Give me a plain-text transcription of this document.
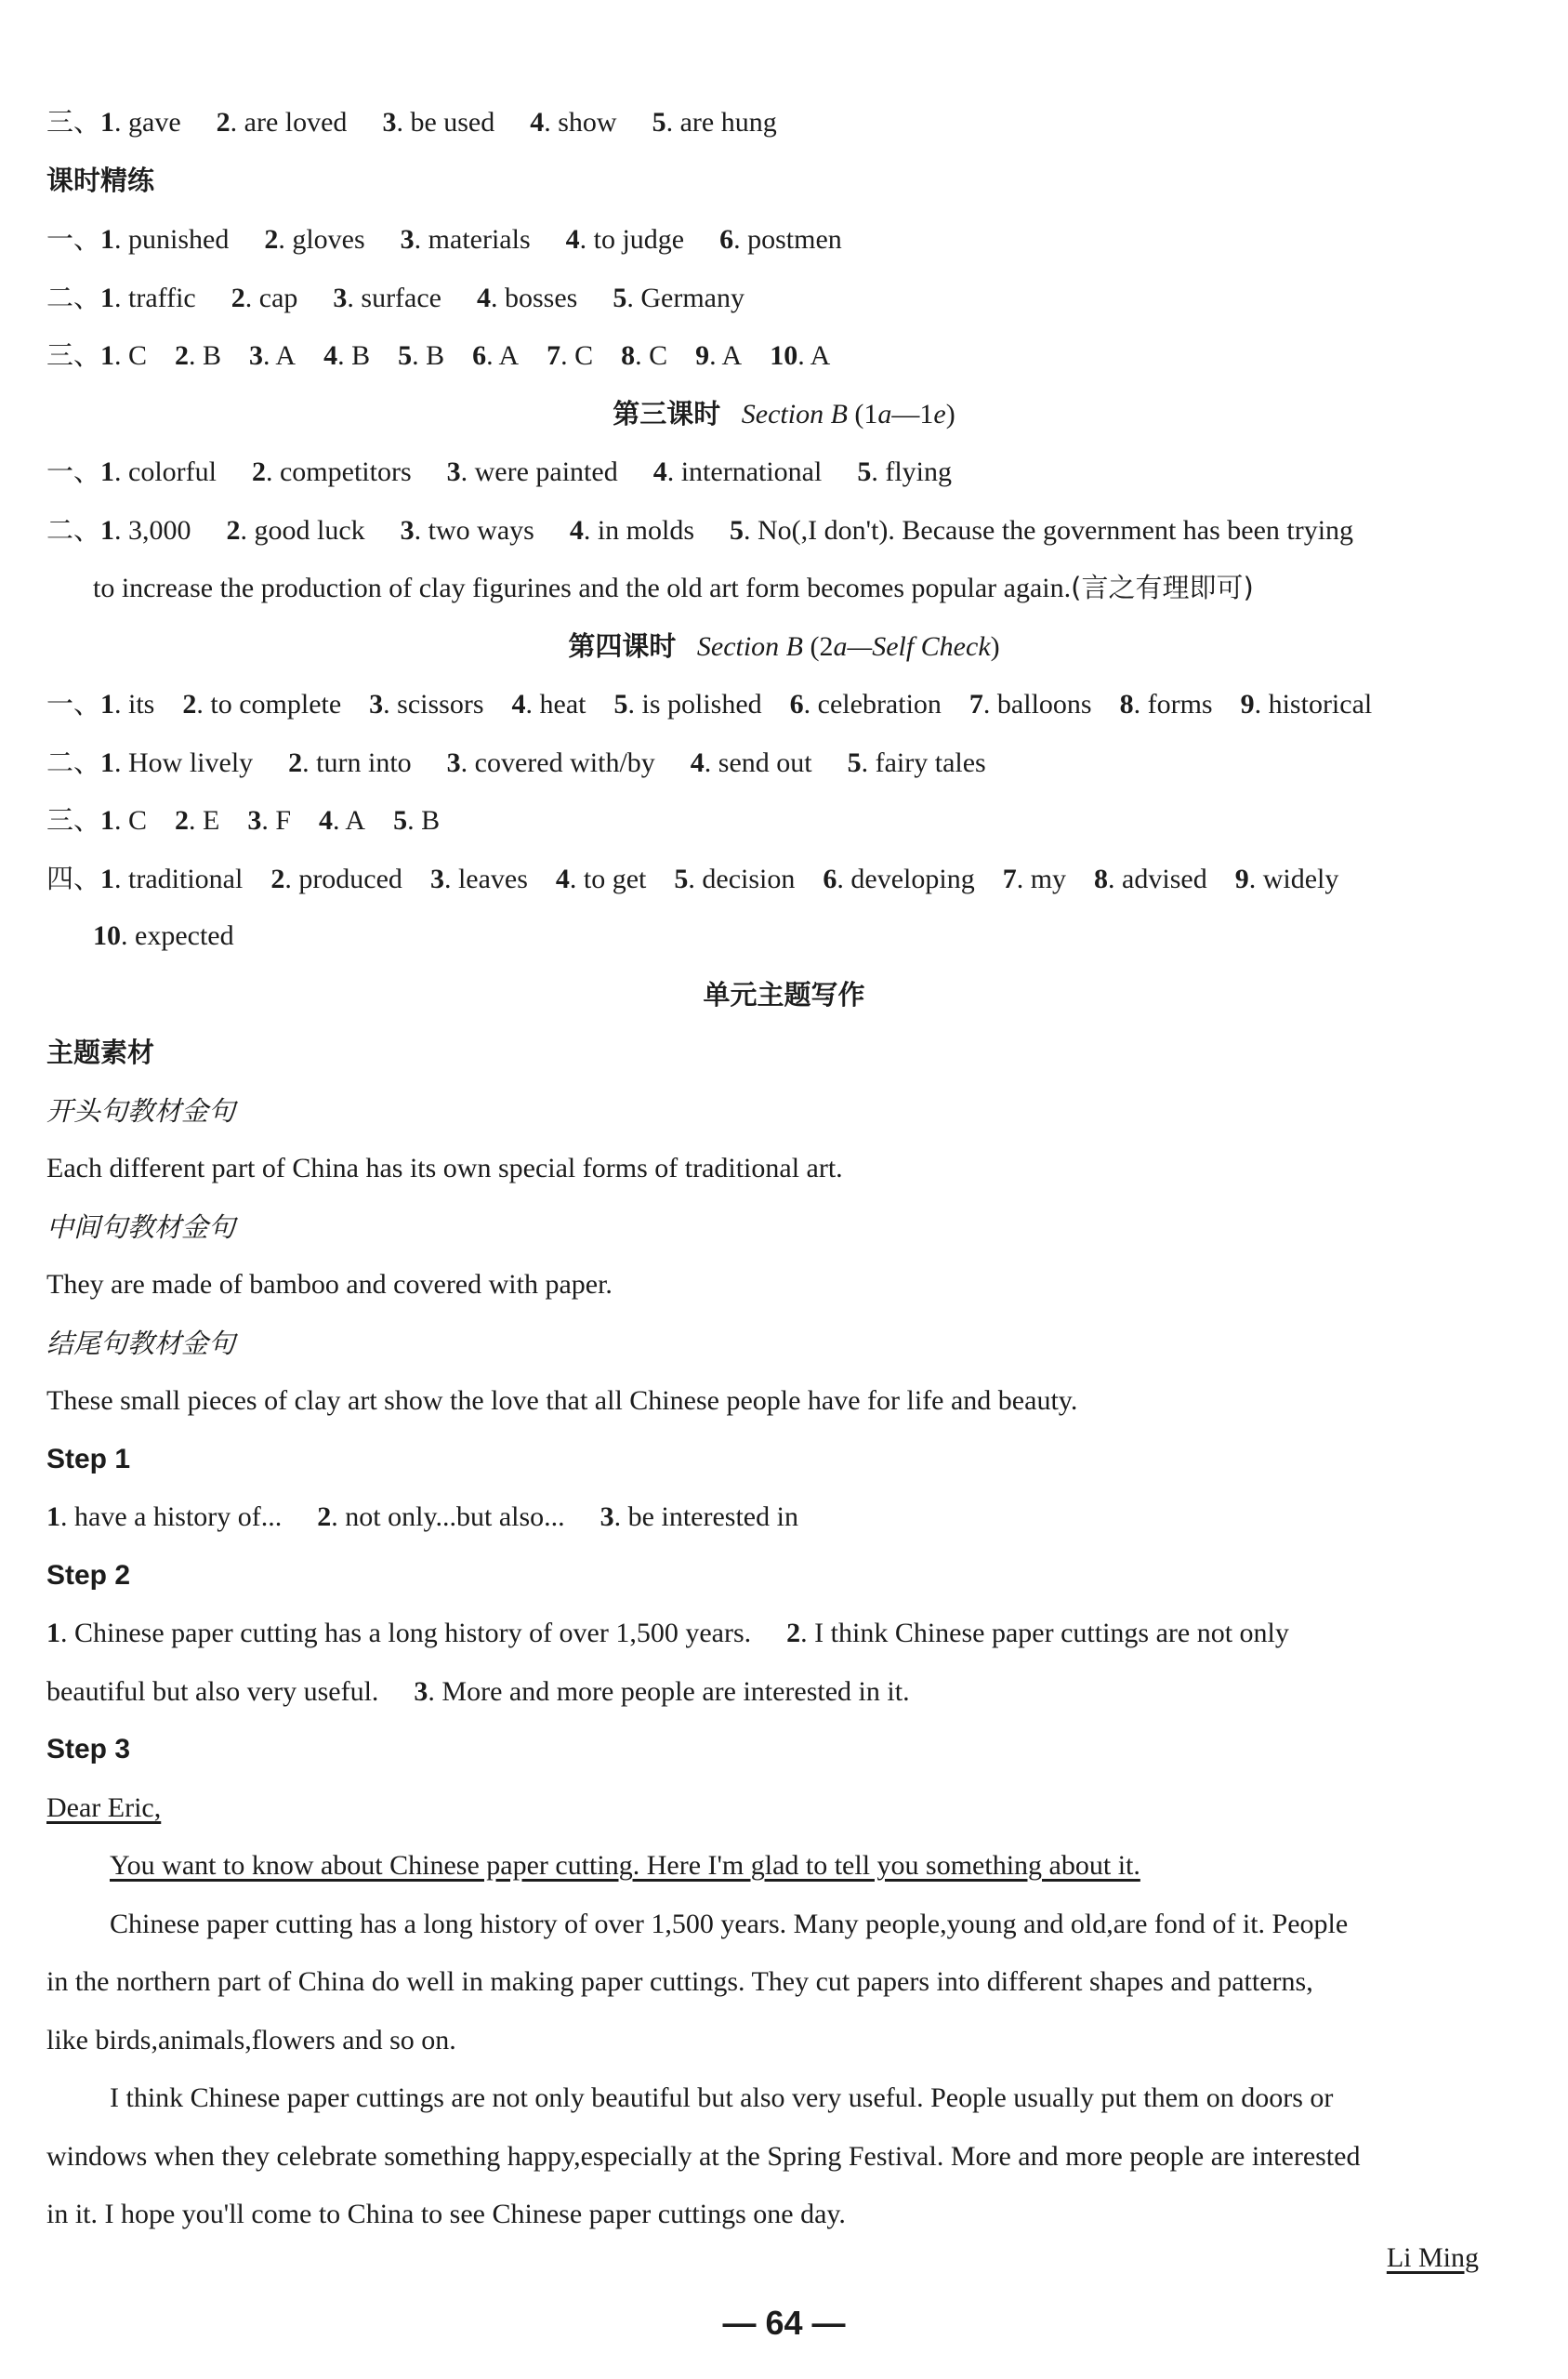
三、1. gave 2. are loved 3. be used 4. show 5. are hung
课时精练
一、1. punished 2. gloves 3. materials 4. to judge 6. postmen
二、1. traffic 2. cap 3. surface 4. bosses 5. Germany
三、1. C 2. B 3. A 4. B 5. B 6. A 7. C 8. C 9. A 10. A
第三课时 Section B (1a—1e)
一、1. colorful 2. competitors 3. were painted 4. international 5. flying
二、1. 3,000 2. good luck 3. two ways 4. in molds 5. No(,I don't). Because the government has been trying
to increase the production of clay figurines and the old art form becomes popular again.(言之有理即可)
第四课时 Section B (2a—Self Check)
一、1. its 2. to complete 3. scissors 4. heat 5. is polished 6. celebration 7. balloons 8. forms 9. historical
二、1. How lively 2. turn into 3. covered with/by 4. send out 5. fairy tales
三、1. C 2. E 3. F 4. A 5. B
四、1. traditional 2. produced 3. leaves 4. to get 5. decision 6. developing 7. my 8. advised 9. widely
10. expected
单元主题写作
主题素材
开头句教材金句
Each different part of China has its own special forms of traditional art.
中间句教材金句
They are made of bamboo and covered with paper.
结尾句教材金句
These small pieces of clay art show the love that all Chinese people have for life and beauty.
Step 1
1. have a history of... 2. not only...but also... 3. be interested in
Step 2
1. Chinese paper cutting has a long history of over 1,500 years. 2. I think Chinese paper cuttings are not only
beautiful but also very useful. 3. More and more people are interested in it.
Step 3
Dear Eric,
You want to know about Chinese paper cutting. Here I'm glad to tell you something about it.
Chinese paper cutting has a long history of over 1,500 years. Many people,young and old,are fond of it. People
in the northern part of China do well in making paper cuttings. They cut papers into different shapes and patterns,
like birds,animals,flowers and so on.
I think Chinese paper cuttings are not only beautiful but also very useful. People usually put them on doors or
windows when they celebrate something happy,especially at the Spring Festival. More and more people are interested
in it. I hope you'll come to China to see Chinese paper cuttings one day.
Li Ming
— 64 —
